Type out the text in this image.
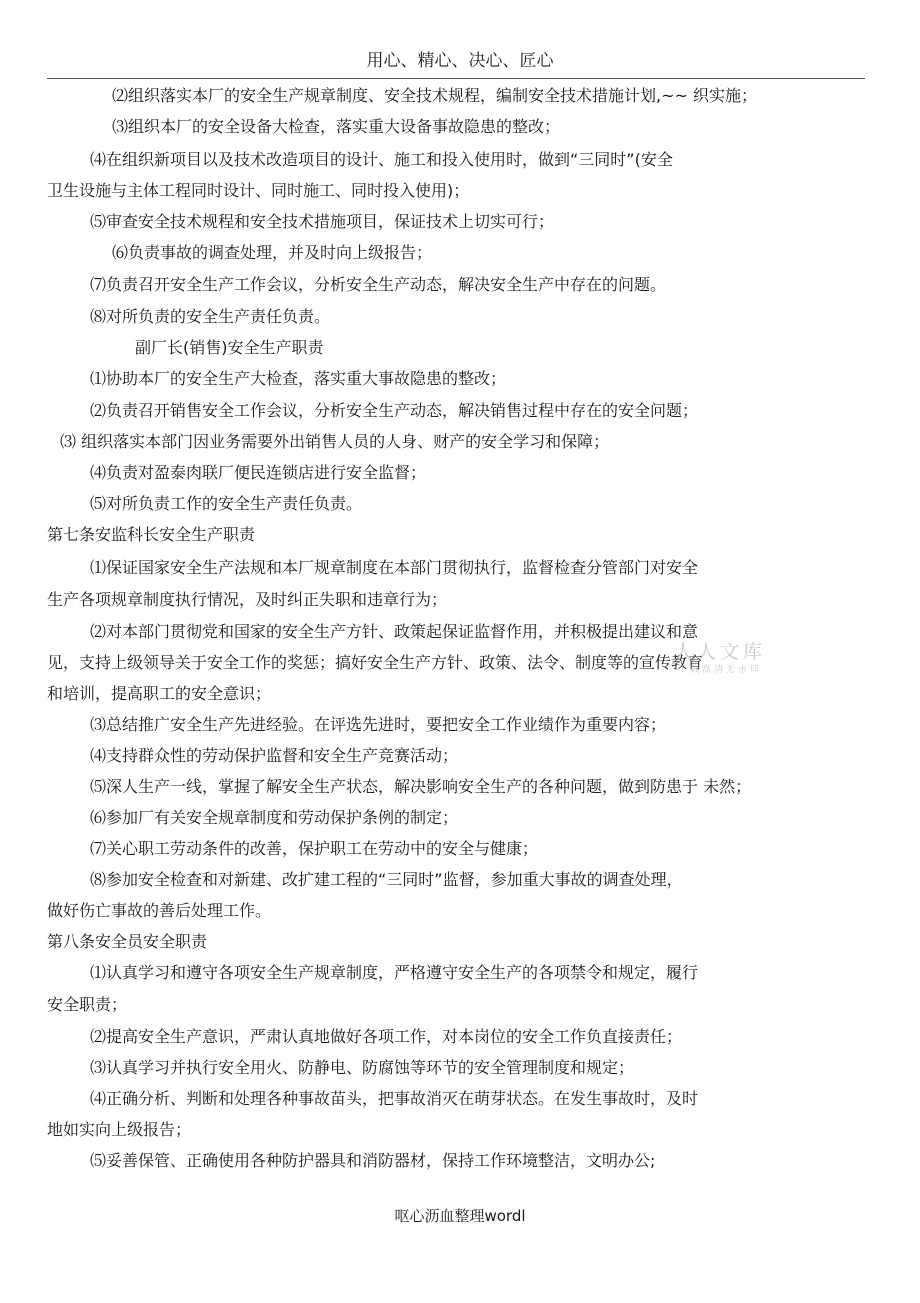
用心、精心、决心、匠心
⑵组织落实本厂的安全生产规章制度、安全技术规程，编制安全技术措施计划,~~ 织实施；
⑶组织本厂的安全设备大检查，落实重大设备事故隐患的整改；
⑷在组织新项目以及技术改造项目的设计、施工和投入使用时，做到“三同时”(安全
卫生设施与主体工程同时设计、同时施工、同时投入使用)；
⑸审查安全技术规程和安全技术措施项目，保证技术上切实可行；
⑹负责事故的调查处理，并及时向上级报告；
⑺负责召开安全生产工作会议，分析安全生产动态，解决安全生产中存在的问题。
⑻对所负责的安全生产责任负责。
副厂长(销售)安全生产职责
⑴协助本厂的安全生产大检查，落实重大事故隐患的整改；
⑵负责召开销售安全工作会议，分析安全生产动态，解决销售过程中存在的安全问题；
⑶ 组织落实本部门因业务需要外出销售人员的人身、财产的安全学习和保障；
⑷负责对盈泰肉联厂便民连锁店进行安全监督；
⑸对所负责工作的安全生产责任负责。
第七条安监科长安全生产职责
⑴保证国家安全生产法规和本厂规章制度在本部门贯彻执行，监督检查分管部门对安全
生产各项规章制度执行情况，及时纠正失职和违章行为；
⑵对本部门贯彻党和国家的安全生产方针、政策起保证监督作用，并积极提出建议和意
见，支持上级领导关于安全工作的奖惩；搞好安全生产方针、政策、法令、制度等的宣传教育
和培训，提高职工的安全意识；
⑶总结推广安全生产先进经验。在评选先进时，要把安全工作业绩作为重要内容；
⑷支持群众性的劳动保护监督和安全生产竞赛活动；
⑸深人生产一线，掌握了解安全生产状态，解决影响安全生产的各种问题，做到防患于 未然；
⑹参加厂有关安全规章制度和劳动保护条例的制定；
⑺关心职工劳动条件的改善，保护职工在劳动中的安全与健康；
⑻参加安全检查和对新建、改扩建工程的“三同时”监督，参加重大事故的调查处理，
做好伤亡事故的善后处理工作。
第八条安全员安全职责
⑴认真学习和遵守各项安全生产规章制度，严格遵守安全生产的各项禁令和规定，履行
安全职责；
⑵提高安全生产意识，严肃认真地做好各项工作，对本岗位的安全工作负直接责任；
⑶认真学习并执行安全用火、防静电、防腐蚀等环节的安全管理制度和规定；
⑷正确分析、判断和处理各种事故苗头，把事故消灭在萌芽状态。在发生事故时，及时
地如实向上级报告；
⑸妥善保管、正确使用各种防护器具和消防器材，保持工作环境整洁，文明办公;
人人文库
下载高清无水印
呕心沥血整理wordl
